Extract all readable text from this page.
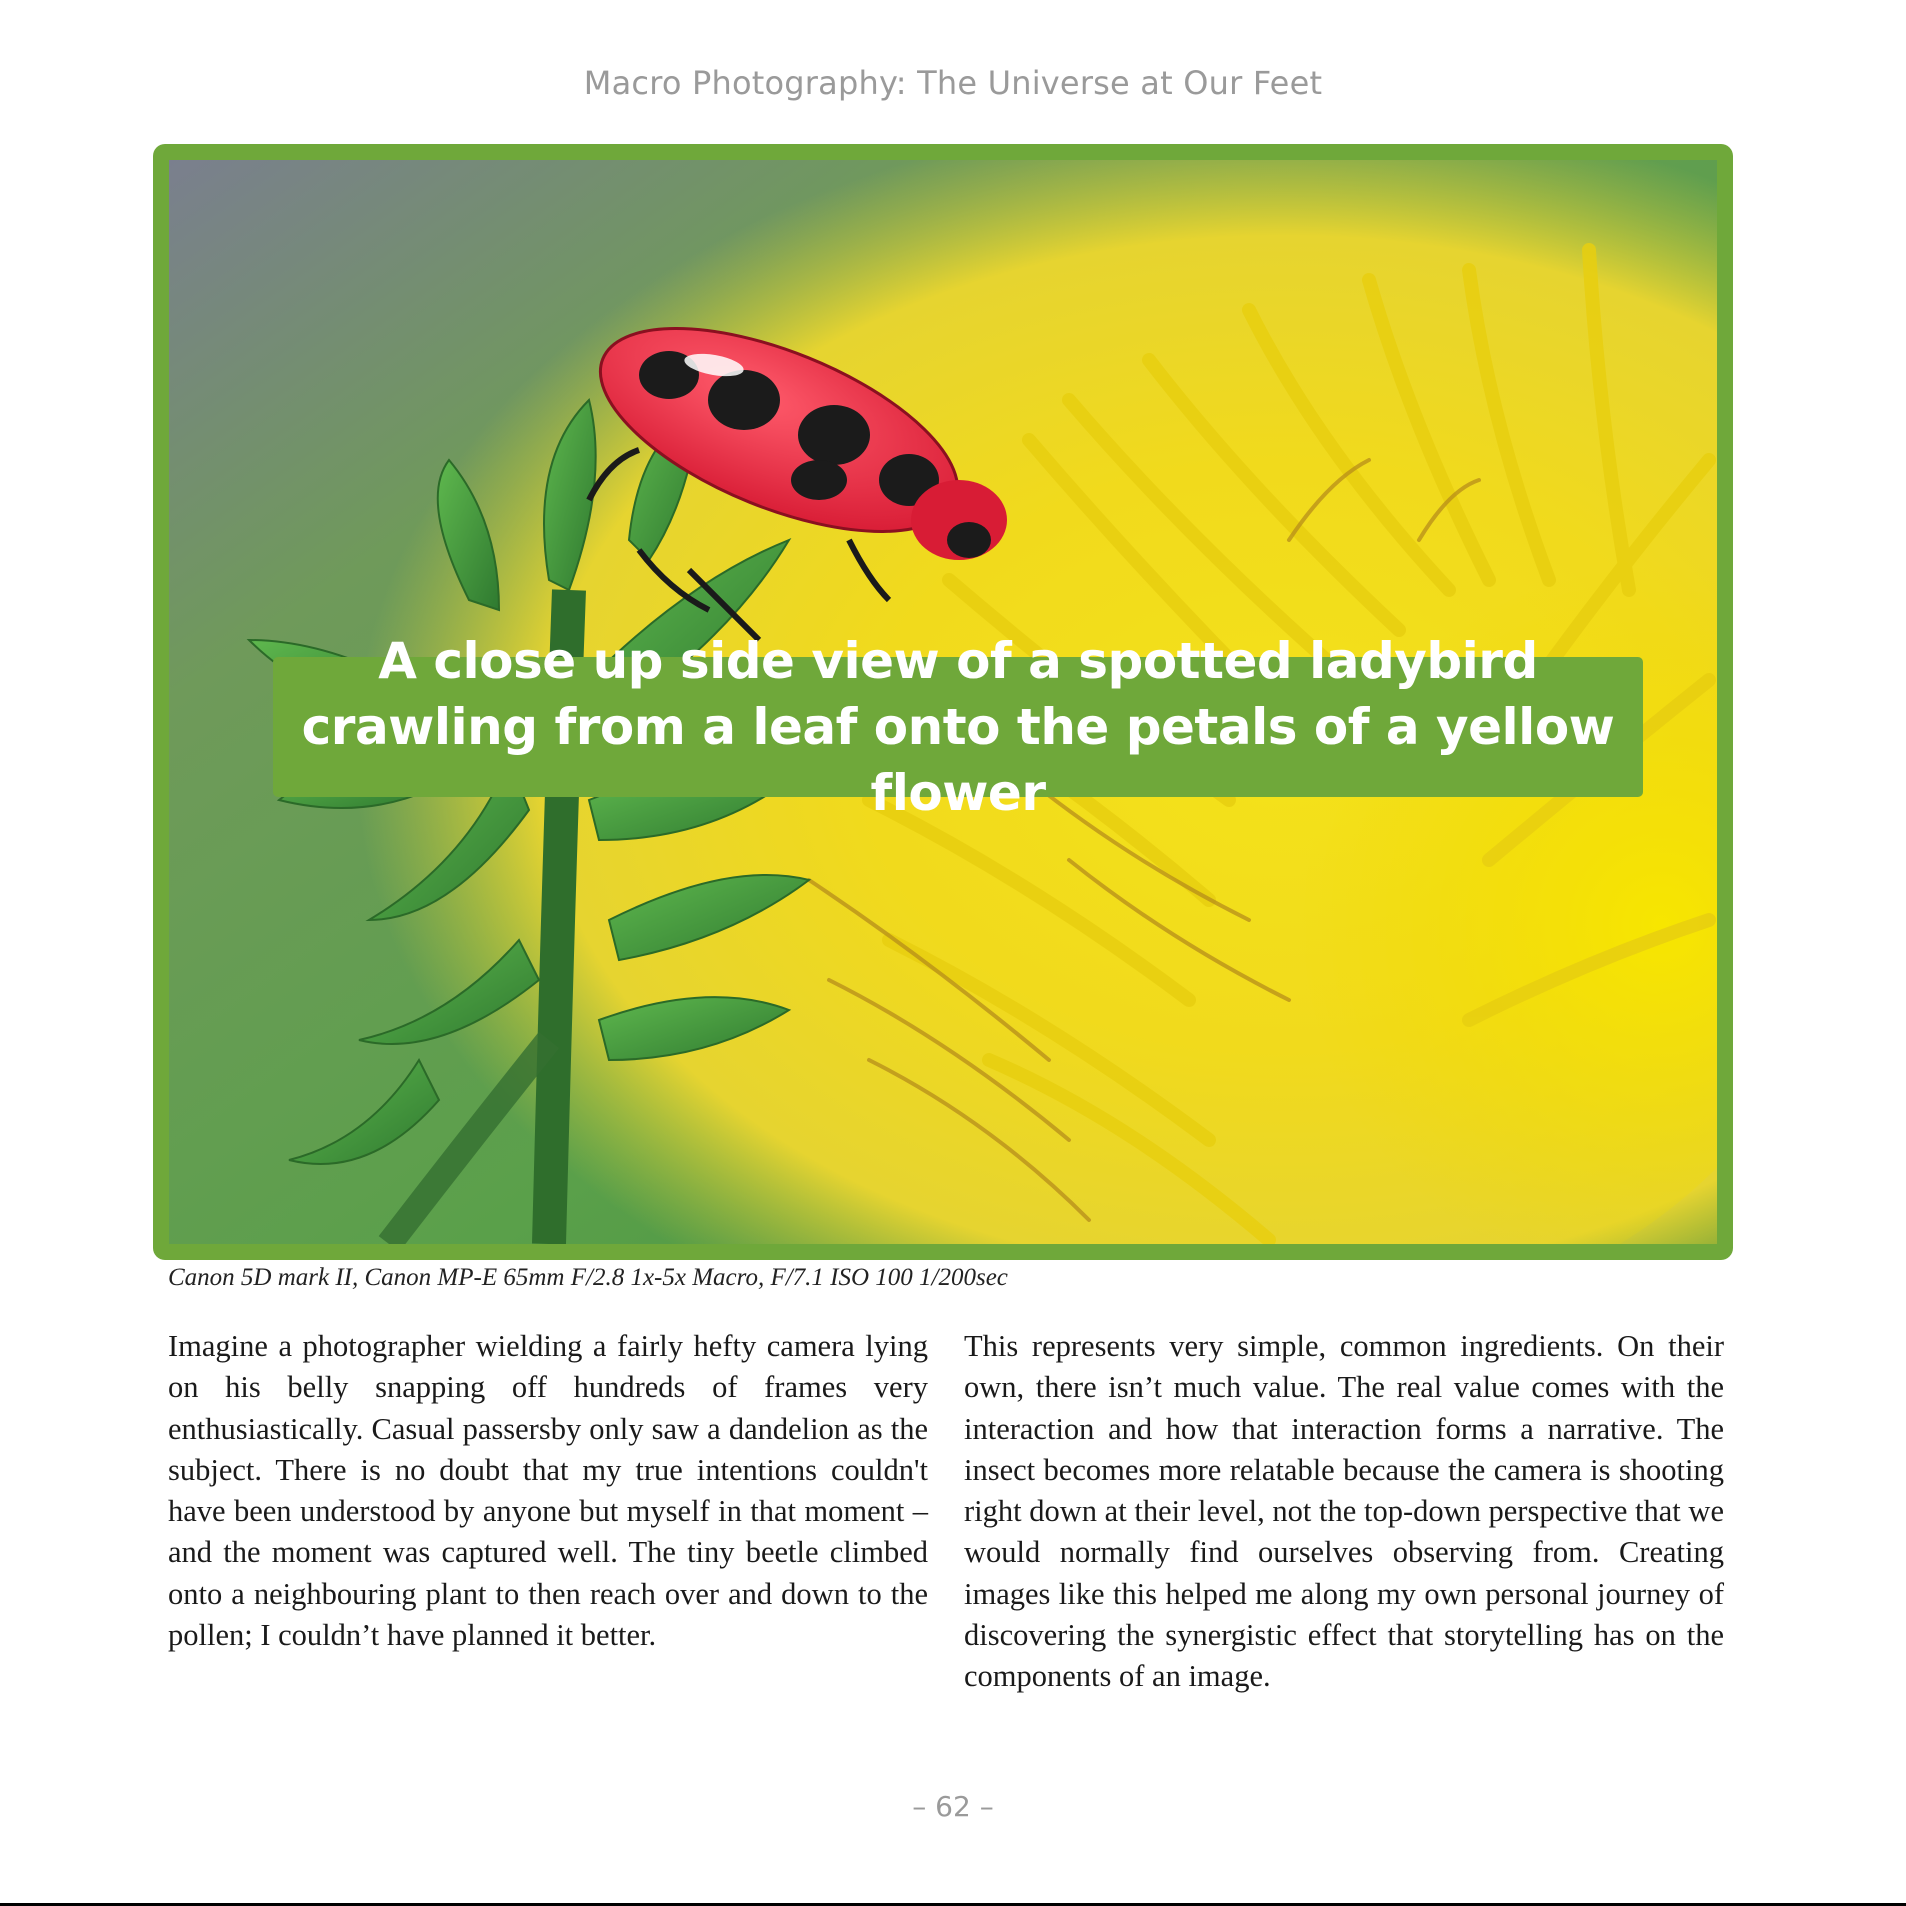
Macro Photography: The Universe at Our Feet
A close up side view of a spotted ladybird crawling from a leaf onto the petals of a yellow flower
Canon 5D mark II, Canon MP-E 65mm F/2.8 1x-5x Macro, F/7.1 ISO 100 1/200sec
Imagine a photographer wielding a fairly hefty camera lying on his belly snapping off hundreds of frames very enthusiastically. Casual passersby only saw a dandelion as the subject. There is no doubt that my true intentions couldn't have been understood by anyone but myself in that moment – and the moment was captured well. The tiny beetle climbed onto a neighbouring plant to then reach over and down to the pollen; I couldn’t have planned it better.
This represents very simple, common ingredients. On their own, there isn’t much value. The real value comes with the interaction and how that interaction forms a narrative. The insect becomes more relatable because the camera is shooting right down at their level, not the top-down perspective that we would normally find ourselves observing from. Creating images like this helped me along my own personal journey of discovering the synergistic effect that storytelling has on the components of an image.
– 62 –
